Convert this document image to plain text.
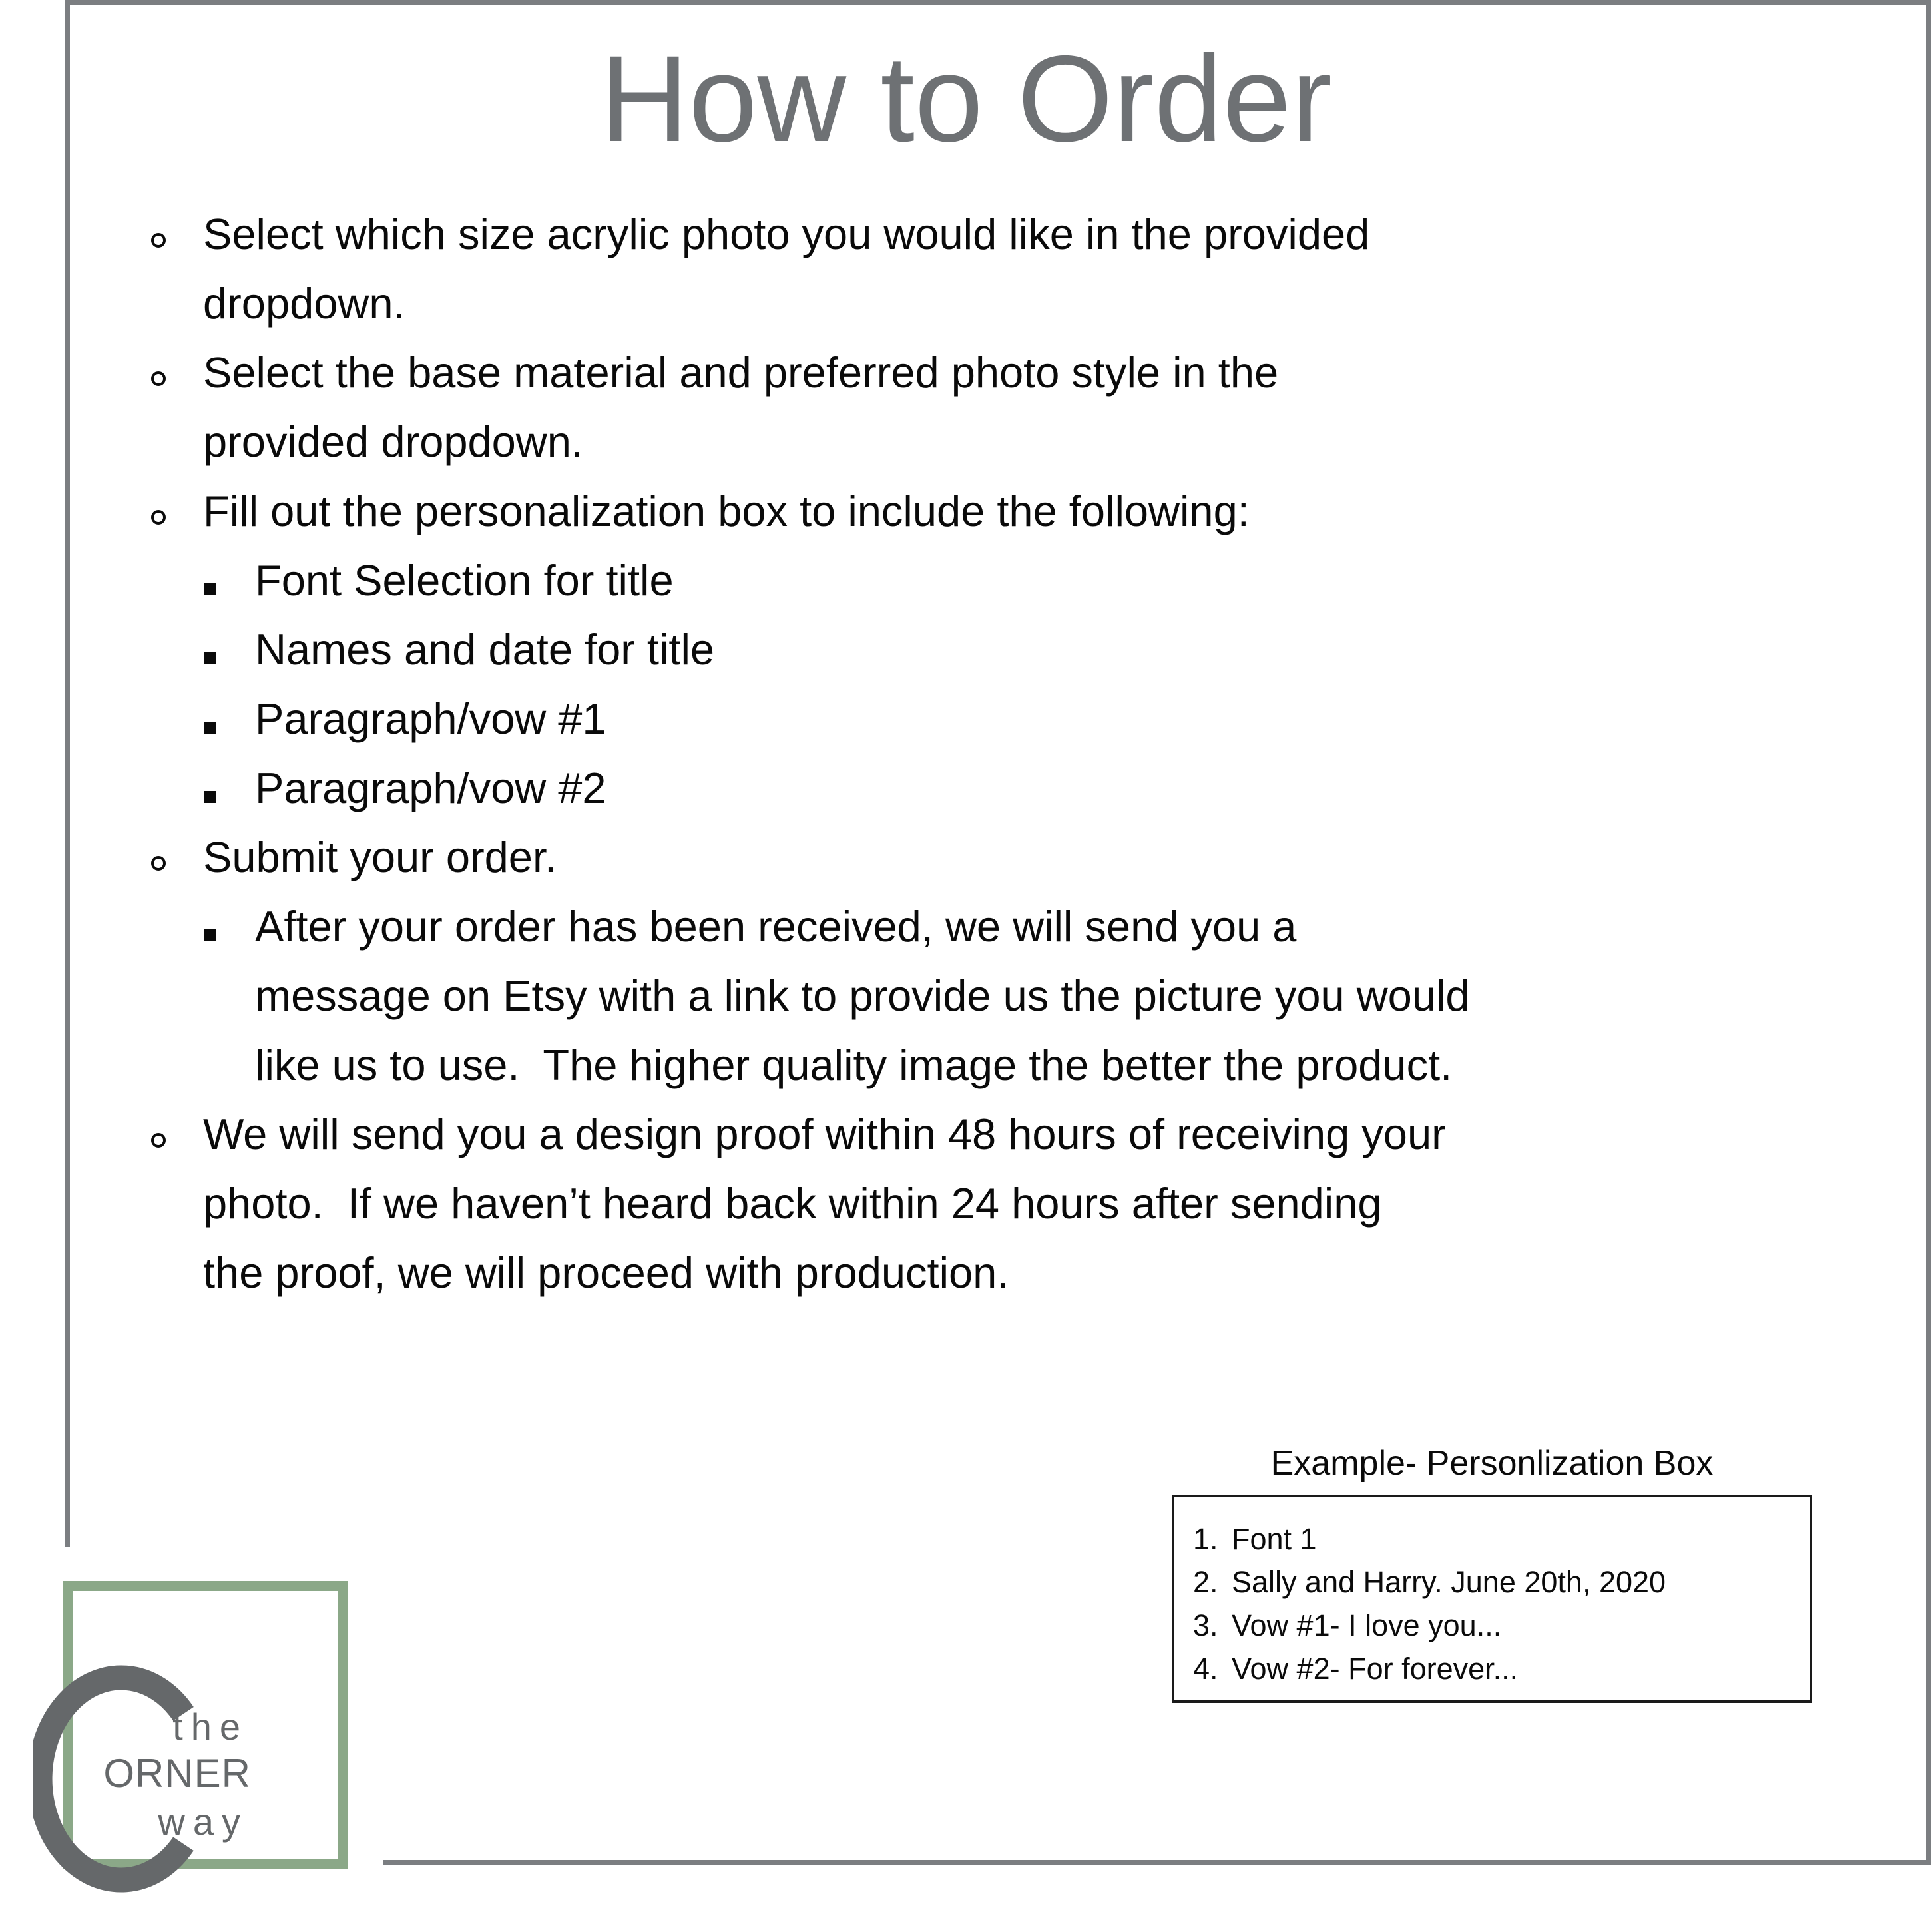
How to Order
Select which size acrylic photo you would like in the provided
dropdown.
Select the base material and preferred photo style in the
provided dropdown.
Fill out the personalization box to include the following:
Font Selection for title
Names and date for title
Paragraph/vow #1
Paragraph/vow #2
Submit your order.
After your order has been received, we will send you a
message on Etsy with a link to provide us the picture you would
like us to use.  The higher quality image the better the product.
We will send you a design proof within 48 hours of receiving your
photo.  If we haven’t heard back within 24 hours after sending
the proof, we will proceed with production.
Example- Personlization Box
1. Font 1
2. Sally and Harry. June 20th, 2020
3. Vow #1- I love you...
4. Vow #2- For forever...
the
ORNER
way
